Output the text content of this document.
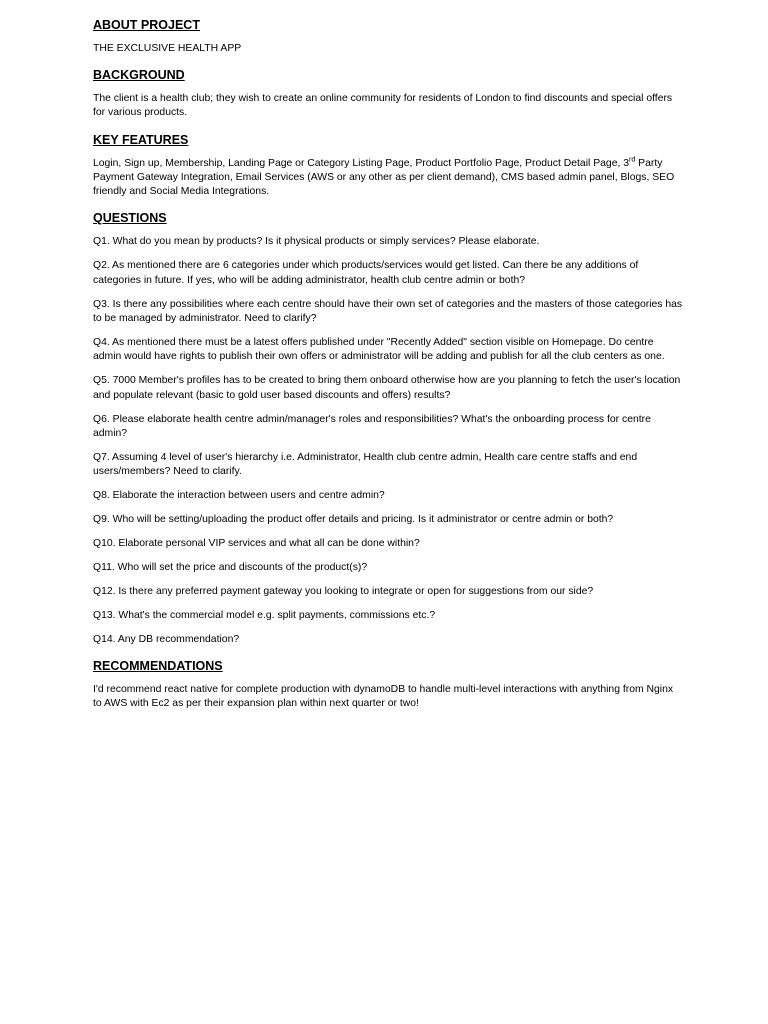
ABOUT PROJECT
THE EXCLUSIVE HEALTH APP
BACKGROUND
The client is a health club; they wish to create an online community for residents of London to find discounts and special offers for various products.
KEY FEATURES
Login, Sign up, Membership, Landing Page or Category Listing Page, Product Portfolio Page, Product Detail Page, 3rd Party Payment Gateway Integration, Email Services (AWS or any other as per client demand), CMS based admin panel, Blogs, SEO friendly and Social Media Integrations.
QUESTIONS
Q1. What do you mean by products? Is it physical products or simply services? Please elaborate.
Q2. As mentioned there are 6 categories under which products/services would get listed. Can there be any additions of categories in future. If yes, who will be adding administrator, health club centre admin or both?
Q3. Is there any possibilities where each centre should have their own set of categories and the masters of those categories has to be managed by administrator. Need to clarify?
Q4. As mentioned there must be a latest offers published under "Recently Added" section visible on Homepage. Do centre admin would have rights to publish their own offers or administrator will be adding and publish for all the club centers as one.
Q5. 7000 Member's profiles has to be created to bring them onboard otherwise how are you planning to fetch the user's location and populate relevant (basic to gold user based discounts and offers) results?
Q6. Please elaborate health centre admin/manager's roles and responsibilities? What's the onboarding process for centre admin?
Q7. Assuming 4 level of user's hierarchy i.e. Administrator, Health club centre admin, Health care centre staffs and end users/members? Need to clarify.
Q8. Elaborate the interaction between users and centre admin?
Q9. Who will be setting/uploading the product offer details and pricing. Is it administrator or centre admin or both?
Q10. Elaborate personal VIP services and what all can be done within?
Q11. Who will set the price and discounts of the product(s)?
Q12. Is there any preferred payment gateway you looking to integrate or open for suggestions from our side?
Q13. What's the commercial model e.g. split payments, commissions etc.?
Q14. Any DB recommendation?
RECOMMENDATIONS
I'd recommend react native for complete production with dynamoDB to handle multi-level interactions with anything from Nginx to AWS with Ec2 as per their expansion plan within next quarter or two!
